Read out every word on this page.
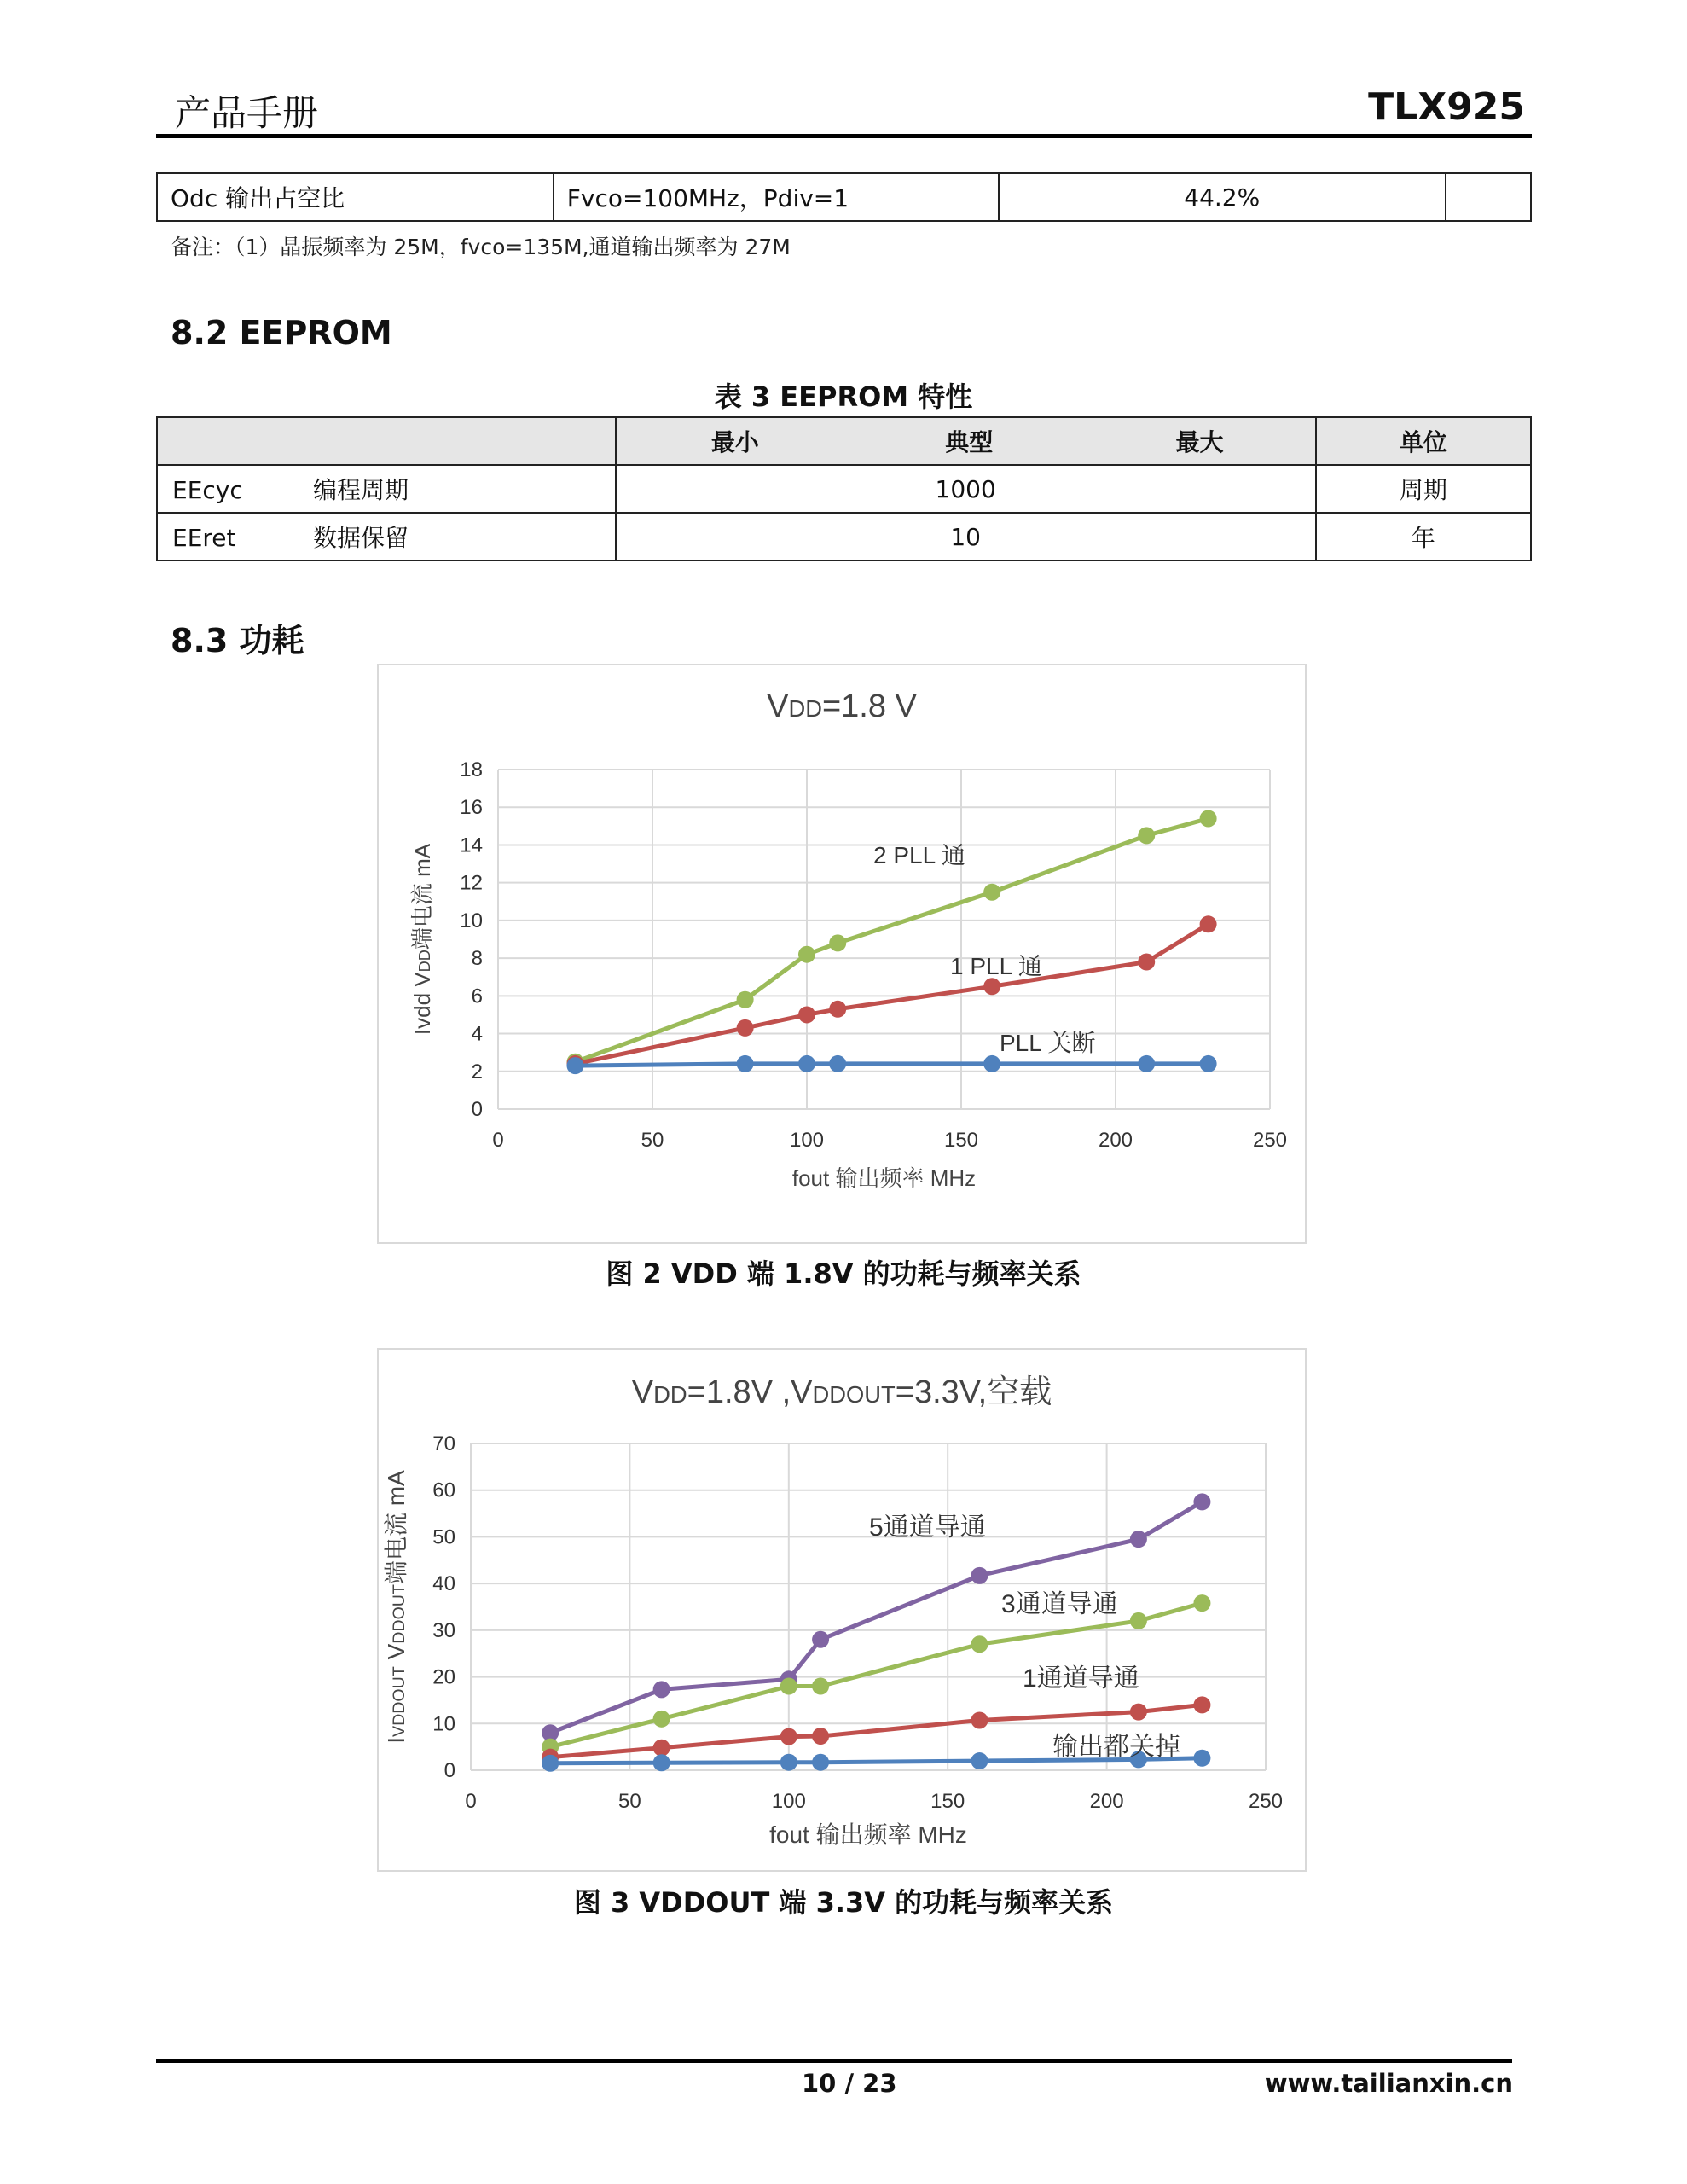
产品手册	TLX925
Odc 输出占空比	Fvco=100MHz，Pdiv=1	44.2%	
备注：（1）晶振频率为 25M，fvco=135M,通道输出频率为 27M
8.2 EEPROM
表 3 EEPROM 特性

	最小 典型 最大	单位
EEcyc 编程周期	1000	周期
EEret 数据保留	10	年
8.3 功耗
VDD=1.8 V
0
2
4
6
8
10
12
14
16
18
0	50	100	150	200	250
fout 输出频率 MHz
Ivdd VDD端电流 mA	2 PLL 通
1 PLL 通
PLL 关断
图 2 VDD 端 1.8V 的功耗与频率关系
VDD=1.8V ,VDDOUT=3.3V,空载
0
10
20
30
40
50
60
70
0	50	100	150	200	250
fout 输出频率 MHz
IVDDOUT VDDOUT端电流 mA	5通道导通
3通道导通
1通道导通
输出都关掉
图 3 VDDOUT 端 3.3V 的功耗与频率关系
10 / 23	www.tailianxin.cn
